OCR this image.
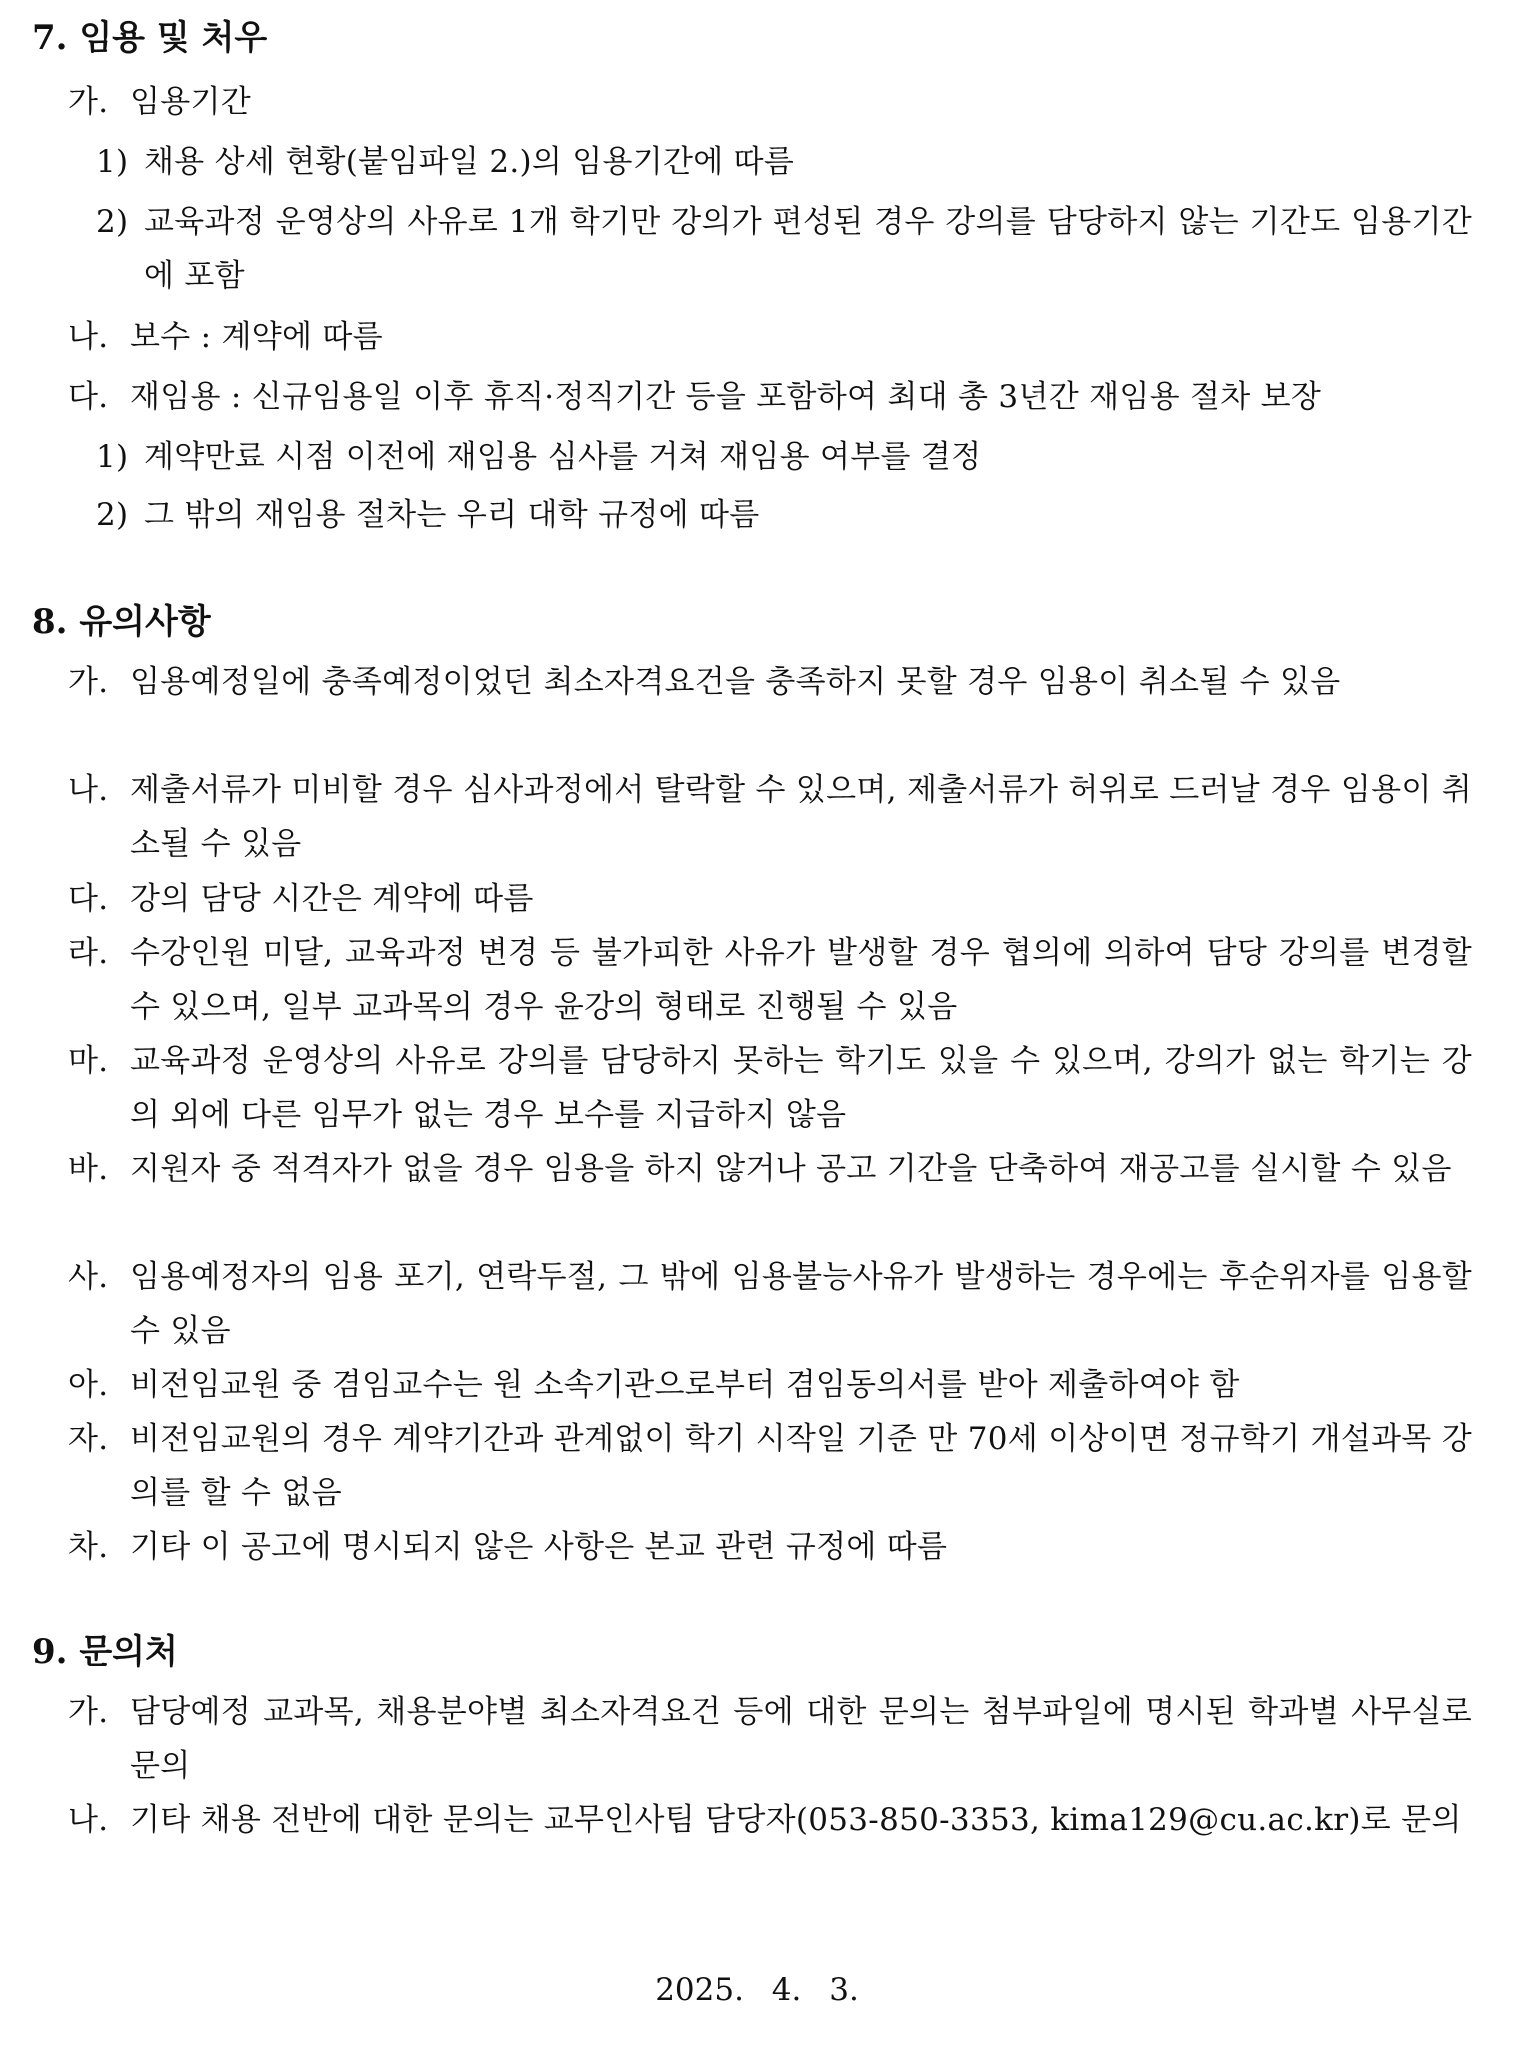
7. 임용 및 처우
가. 임용기간
1) 채용 상세 현황(붙임파일 2.)의 임용기간에 따름
2) 교육과정 운영상의 사유로 1개 학기만 강의가 편성된 경우 강의를 담당하지 않는 기간도 임용기간에 포함
나. 보수 : 계약에 따름
다. 재임용 : 신규임용일 이후 휴직·정직기간 등을 포함하여 최대 총 3년간 재임용 절차 보장
1) 계약만료 시점 이전에 재임용 심사를 거쳐 재임용 여부를 결정
2) 그 밖의 재임용 절차는 우리 대학 규정에 따름
8. 유의사항
가. 임용예정일에 충족예정이었던 최소자격요건을 충족하지 못할 경우 임용이 취소될 수 있음
나. 제출서류가 미비할 경우 심사과정에서 탈락할 수 있으며, 제출서류가 허위로 드러날 경우 임용이 취소될 수 있음
다. 강의 담당 시간은 계약에 따름
라. 수강인원 미달, 교육과정 변경 등 불가피한 사유가 발생할 경우 협의에 의하여 담당 강의를 변경할 수 있으며, 일부 교과목의 경우 윤강의 형태로 진행될 수 있음
마. 교육과정 운영상의 사유로 강의를 담당하지 못하는 학기도 있을 수 있으며, 강의가 없는 학기는 강의 외에 다른 임무가 없는 경우 보수를 지급하지 않음
바. 지원자 중 적격자가 없을 경우 임용을 하지 않거나 공고 기간을 단축하여 재공고를 실시할 수 있음
사. 임용예정자의 임용 포기, 연락두절, 그 밖에 임용불능사유가 발생하는 경우에는 후순위자를 임용할 수 있음
아. 비전임교원 중 겸임교수는 원 소속기관으로부터 겸임동의서를 받아 제출하여야 함
자. 비전임교원의 경우 계약기간과 관계없이 학기 시작일 기준 만 70세 이상이면 정규학기 개설과목 강의를 할 수 없음
차. 기타 이 공고에 명시되지 않은 사항은 본교 관련 규정에 따름
9. 문의처
가. 담당예정 교과목, 채용분야별 최소자격요건 등에 대한 문의는 첨부파일에 명시된 학과별 사무실로 문의
나. 기타 채용 전반에 대한 문의는 교무인사팀 담당자(053-850-3353, kima129@cu.ac.kr)로 문의
2025. 4. 3.
